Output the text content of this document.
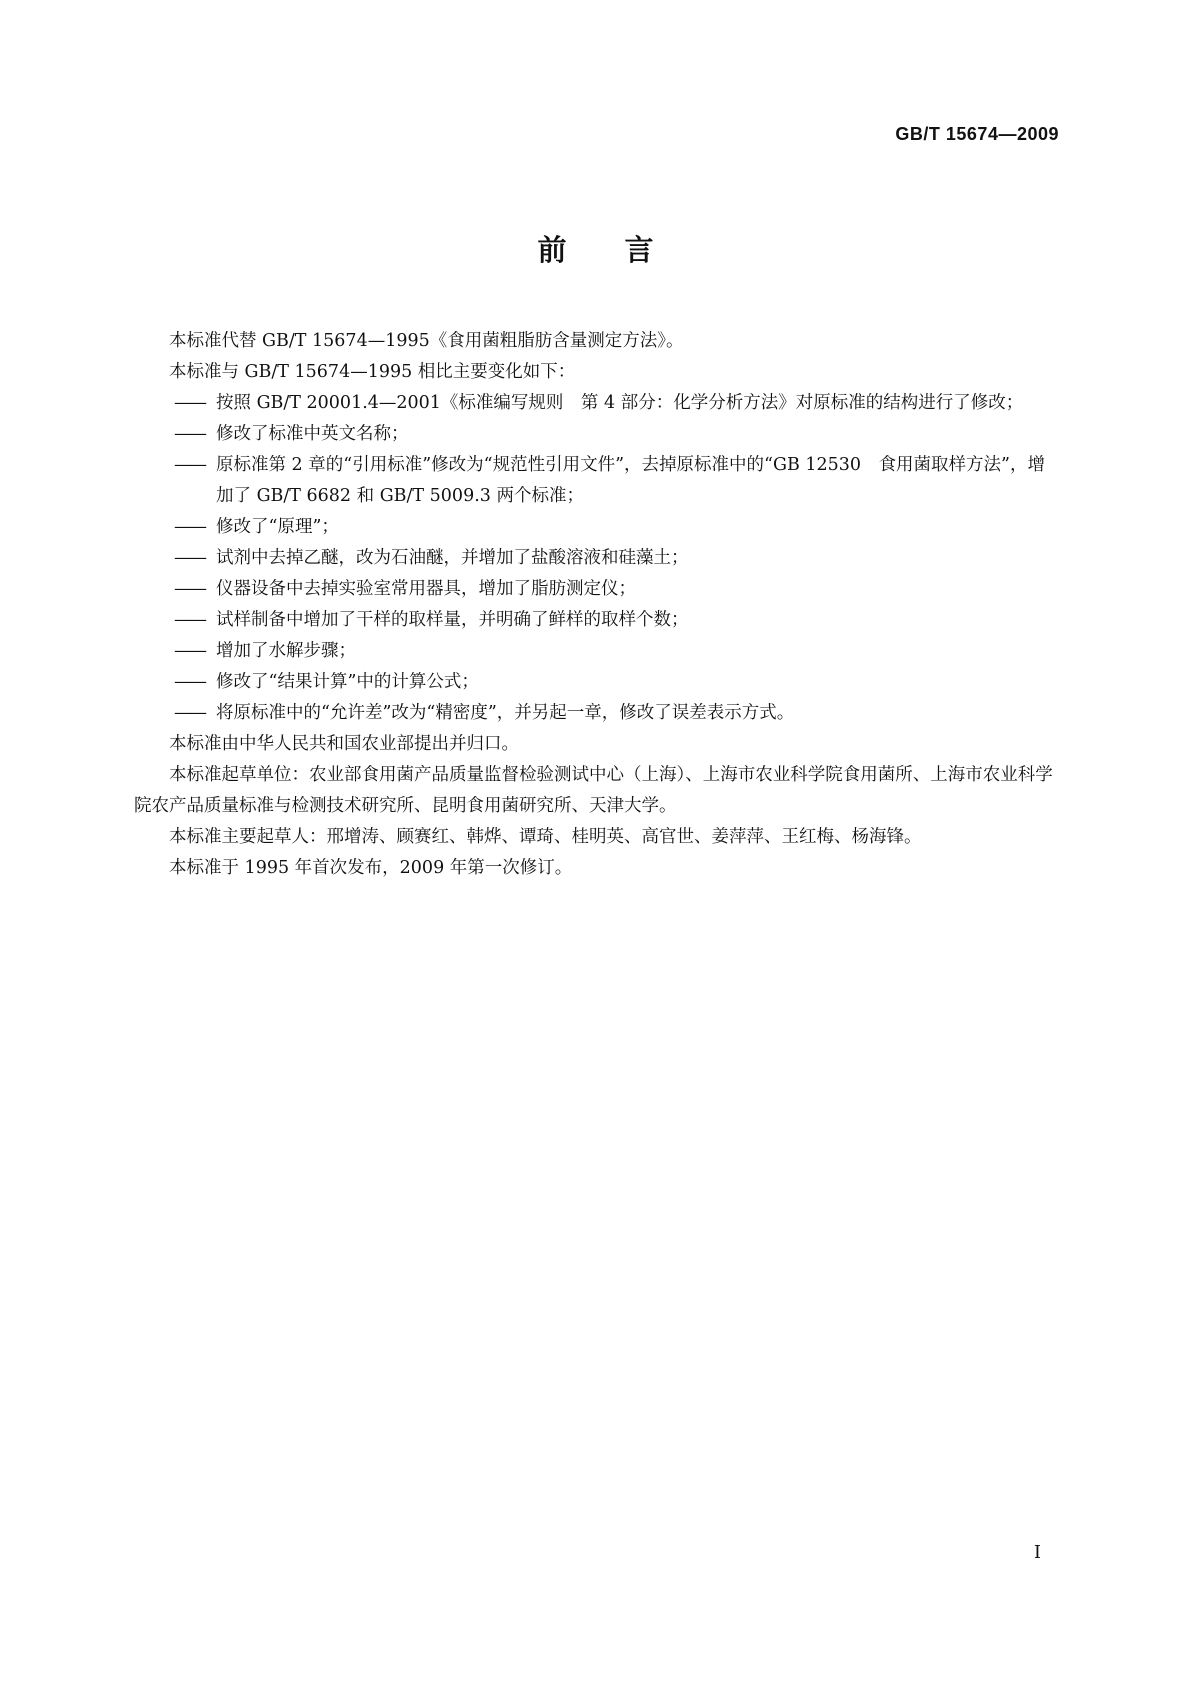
GB/T 15674—2009
前 言

本标准代替 GB/T 15674—1995《食用菌粗脂肪含量测定方法》。

本标准与 GB/T 15674—1995 相比主要变化如下：

—— 按照 GB/T 20001.4—2001《标准编写规则　第 4 部分：化学分析方法》对原标准的结构进行了修改；

—— 修改了标准中英文名称；

—— 原标准第 2 章的“引用标准”修改为“规范性引用文件”，去掉原标准中的“GB 12530　食用菌取样方法”，增加了 GB/T 6682 和 GB/T 5009.3 两个标准；

—— 修改了“原理”；

—— 试剂中去掉乙醚，改为石油醚，并增加了盐酸溶液和硅藻土；

—— 仪器设备中去掉实验室常用器具，增加了脂肪测定仪；

—— 试样制备中增加了干样的取样量，并明确了鲜样的取样个数；

—— 增加了水解步骤；

—— 修改了“结果计算”中的计算公式；

—— 将原标准中的“允许差”改为“精密度”，并另起一章，修改了误差表示方式。

本标准由中华人民共和国农业部提出并归口。

本标准起草单位：农业部食用菌产品质量监督检验测试中心（上海）、上海市农业科学院食用菌所、上海市农业科学院农产品质量标准与检测技术研究所、昆明食用菌研究所、天津大学。

本标准主要起草人：邢增涛、顾赛红、韩烨、谭琦、桂明英、高官世、姜萍萍、王红梅、杨海锋。

本标准于 1995 年首次发布，2009 年第一次修订。

I
